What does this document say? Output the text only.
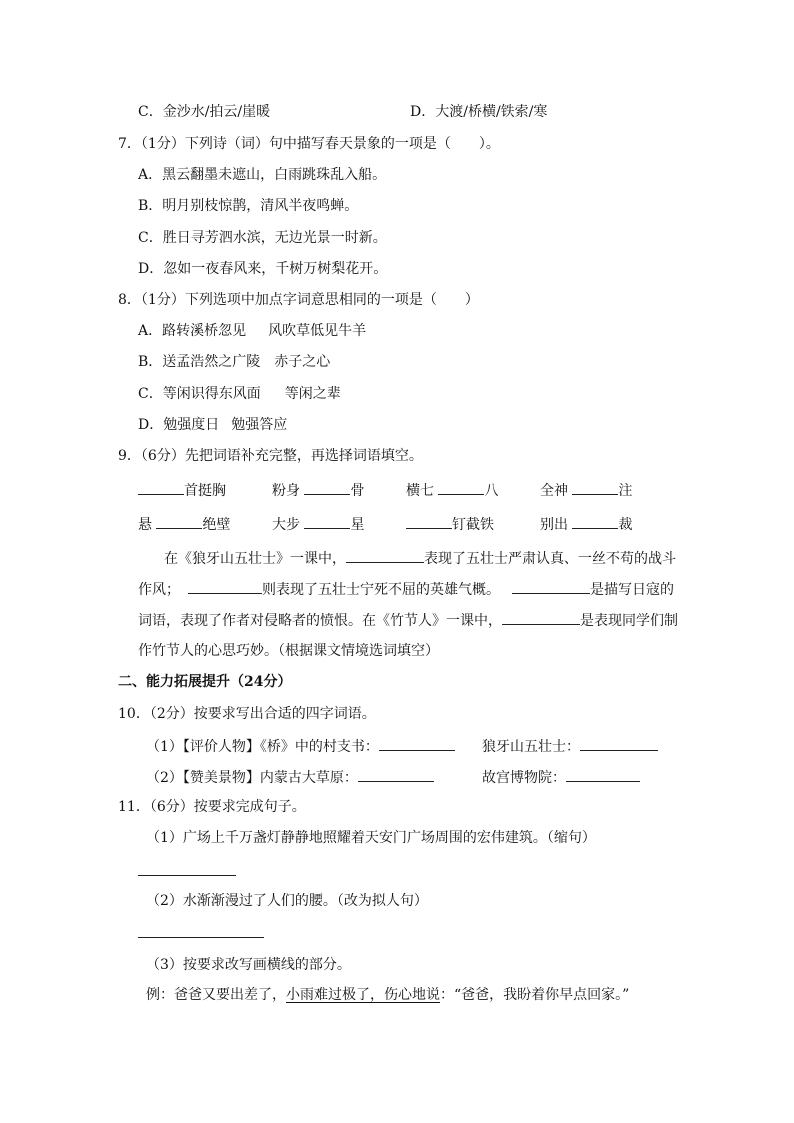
C．金沙水/拍云/崖暖	D．大渡/桥横/铁索/寒
7．（1分）下列诗（词）句中描写春天景象的一项是（　　）。
A．黑云翻墨未遮山，白雨跳珠乱入船。
B．明月别枝惊鹊，清风半夜鸣蝉。
C．胜日寻芳泗水滨，无边光景一时新。
D．忽如一夜春风来，千树万树梨花开。
8．（1分）下列选项中加点字词意思相同的一项是（　　）
A．路转溪桥忽见 风吹草低见牛羊
B．送孟浩然之广陵 赤子之心
C．等闲识得东风面 等闲之辈
D．勉强度日 勉强答应
9．（6分）先把词语补充完整，再选择词语填空。
首挺胸	粉身	骨	横七	八	全神	注
悬	绝壁	大步	星	钉截铁	别出	裁
在《狼牙山五壮士》一课中，	表现了五壮士严肃认真、一丝不苟的战斗
作风；	则表现了五壮士宁死不屈的英雄气概。	是描写日寇的
词语，表现了作者对侵略者的愤恨。在《竹节人》一课中，	是表现同学们制
作竹节人的心思巧妙。（根据课文情境选词填空）
二、能力拓展提升（24分）
10．（2分）按要求写出合适的四字词语。
（1）【评价人物】《桥》中的村支书：	狼牙山五壮士：
（2）【赞美景物】内蒙古大草原：	故宫博物院：
11．（6分）按要求完成句子。
（1）广场上千万盏灯静静地照耀着天安门广场周围的宏伟建筑。（缩句）
（2）水渐渐漫过了人们的腰。（改为拟人句）
（3）按要求改写画横线的部分。
例：爸爸又要出差了，小雨难过极了，伤心地说：“爸爸，我盼着你早点回家。”
